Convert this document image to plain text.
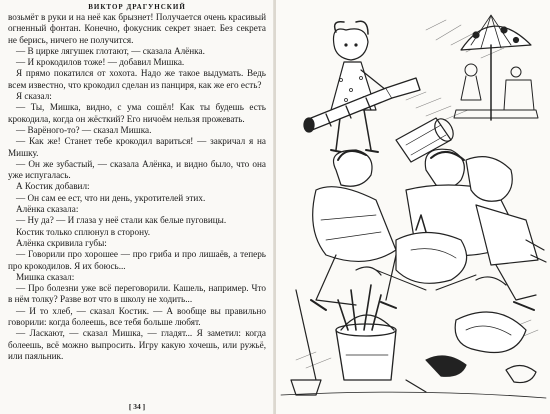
ВИКТОР ДРАГУНСКИЙ

возьмёт в руки и на неё как брызнет! Получается очень красивый огненный фонтан. Конечно, фокусник секрет знает. Без секрета не берись, ничего не получится.

— В цирке лягушек глотают, — сказала Алёнка.

— И крокодилов тоже! — добавил Мишка.

Я прямо покатился от хохота. Надо же такое выдумать. Ведь всем известно, что крокодил сделан из панциря, как же его есть?

Я сказал:

— Ты, Мишка, видно, с ума сошёл! Как ты будешь есть крокодила, когда он жёсткий? Его ничоём нельзя прожевать.

— Варёного-то? — сказал Мишка.

— Как же! Станет тебе крокодил вариться! — закричал я на Мишку.

— Он же зубастый, — сказала Алёнка, и видно было, что она уже испугалась.

А Костик добавил:

— Он сам ее ест, что ни день, укротителей этих.

Алёнка сказала:

— Ну да? — И глаза у неё стали как белые пуговицы.

Костик только сплюнул в сторону.

Алёнка скривила губы:

— Говорили про хорошее — про гриба и про лишаёв, а теперь про крокодилов. Я их боюсь...

Мишка сказал:

— Про болезни уже всё переговорили. Кашель, например. Что в нём толку? Разве вот что в школу не ходить...

— И то хлеб, — сказал Костик. — А вообще вы правильно говорили: когда болеешь, все тебя больше любят.

— Ласкают, — сказал Мишка, — гладят... Я заметил: когда болеешь, всё можно выпросить. Игру какую хочешь, или ружьё, или паяльник.

[ 34 ]
